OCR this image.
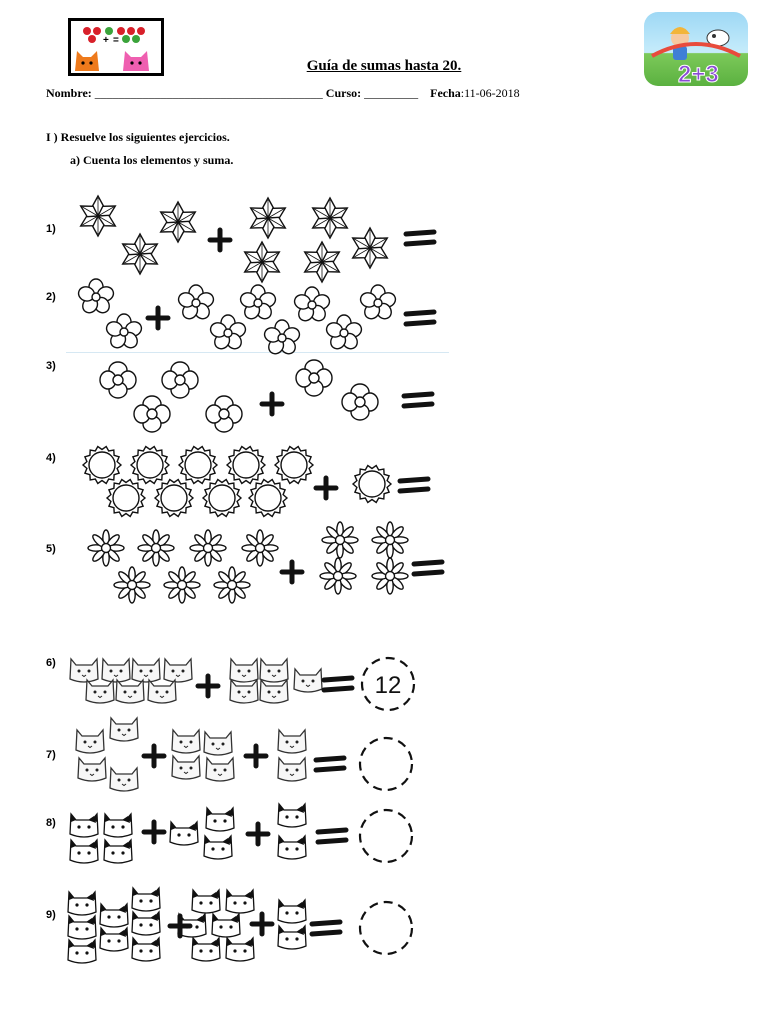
+ =
2+3
Guía de sumas hasta 20.
Nombre: ______________________________________ Curso: _________ Fecha:11-06-2018
I ) Resuelve los siguientes ejercicios.
a) Cuenta los elementos y suma.
1)
2)
3)
4)
5)
6)
7)
8)
9)
12
